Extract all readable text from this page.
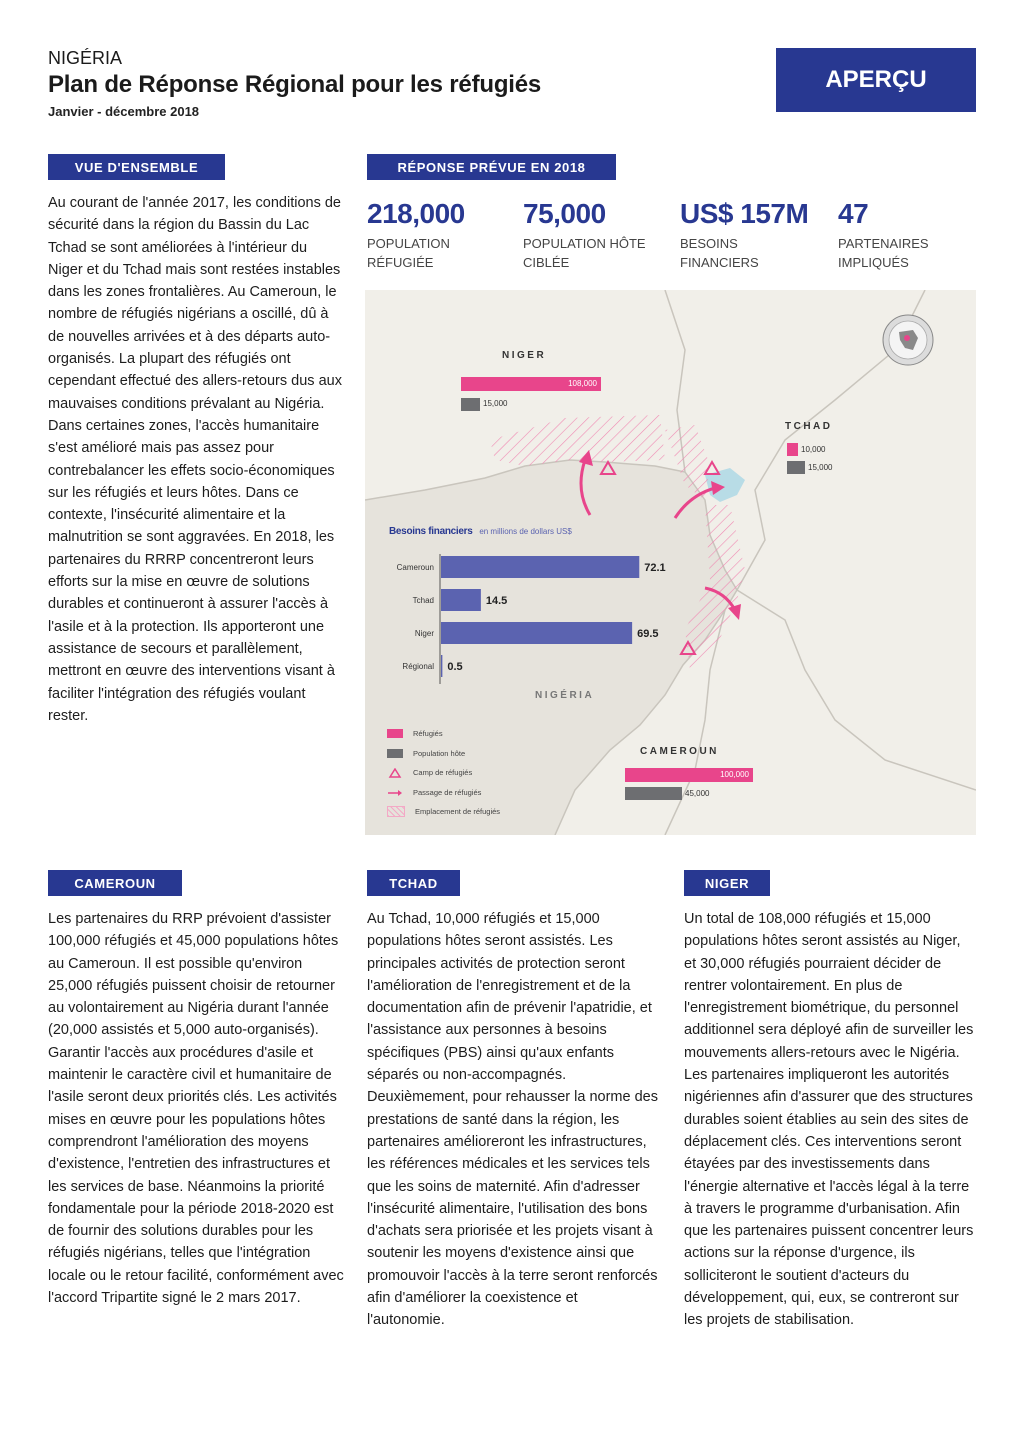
NIGÉRIA
Plan de Réponse Régional pour les réfugiés
Janvier - décembre 2018
APERÇU
VUE D'ENSEMBLE
Au courant de l'année 2017, les conditions de sécurité dans la région du Bassin du Lac Tchad se sont améliorées à l'intérieur du Niger et du Tchad mais sont restées instables dans les zones frontalières. Au Cameroun, le nombre de réfugiés nigérians a oscillé, dû à de nouvelles arrivées et à des départs auto-organisés. La plupart des réfugiés ont cependant effectué des allers-retours dus aux mauvaises conditions prévalant au Nigéria. Dans certaines zones, l'accès humanitaire s'est amélioré mais pas assez pour contrebalancer les effets socio-économiques sur les réfugiés et leurs hôtes. Dans ce contexte, l'insécurité alimentaire et la malnutrition se sont aggravées. En 2018, les partenaires du RRRP concentreront leurs efforts sur la mise en œuvre de solutions durables et continueront à assurer l'accès à l'asile et à la protection. Ils apporteront une assistance de secours et parallèlement, mettront en œuvre des interventions visant à faciliter l'intégration des réfugiés voulant rester.
RÉPONSE PRÉVUE EN 2018
218,000
POPULATION RÉFUGIÉE
75,000
POPULATION HÔTE CIBLÉE
US$ 157M
BESOINS FINANCIERS
47
PARTENAIRES IMPLIQUÉS
NIGER
108,000
15,000
TCHAD
10,000
15,000
CAMEROUN
100,000
45,000
NIGÉRIA
Besoins financiers en millions de dollars US$
Cameroun	72.1
Tchad	14.5
Niger	69.5
Régional 0.5
Réfugiés
Population hôte
Camp de réfugiés
Passage de réfugiés
Emplacement de réfugiés
CAMEROUN
Les partenaires du RRP prévoient d'assister 100,000 réfugiés et 45,000 populations hôtes au Cameroun. Il est possible qu'environ 25,000 réfugiés puissent choisir de retourner au volontairement au Nigéria durant l'année (20,000 assistés et 5,000 auto-organisés). Garantir l'accès aux procédures d'asile et maintenir le caractère civil et humanitaire de l'asile seront deux priorités clés. Les activités mises en œuvre pour les populations hôtes comprendront l'amélioration des moyens d'existence, l'entretien des infrastructures et les services de base. Néanmoins la priorité fondamentale pour la période 2018-2020 est de fournir des solutions durables pour les réfugiés nigérians, telles que l'intégration locale ou le retour facilité, conformément avec l'accord Tripartite signé le 2 mars 2017.
TCHAD
Au Tchad, 10,000 réfugiés et 15,000 populations hôtes seront assistés. Les principales activités de protection seront l'amélioration de l'enregistrement et de la documentation afin de prévenir l'apatridie, et l'assistance aux personnes à besoins spécifiques (PBS) ainsi qu'aux enfants séparés ou non-accompagnés. Deuxièmement, pour rehausser la norme des prestations de santé dans la région, les partenaires amélioreront les infrastructures, les références médicales et les services tels que les soins de maternité. Afin d'adresser l'insécurité alimentaire, l'utilisation des bons d'achats sera priorisée et les projets visant à soutenir les moyens d'existence ainsi que promouvoir l'accès à la terre seront renforcés afin d'améliorer la coexistence et l'autonomie.
NIGER
Un total de 108,000 réfugiés et 15,000 populations hôtes seront assistés au Niger, et 30,000 réfugiés pourraient décider de rentrer volontairement. En plus de l'enregistrement biométrique, du personnel additionnel sera déployé afin de surveiller les mouvements allers-retours avec le Nigéria. Les partenaires impliqueront les autorités nigériennes afin d'assurer que des structures durables soient établies au sein des sites de déplacement clés. Ces interventions seront étayées par des investissements dans l'énergie alternative et l'accès légal à la terre à travers le programme d'urbanisation. Afin que les partenaires puissent concentrer leurs actions sur la réponse d'urgence, ils solliciteront le soutient d'acteurs du développement, qui, eux, se contreront sur les projets de stabilisation.
